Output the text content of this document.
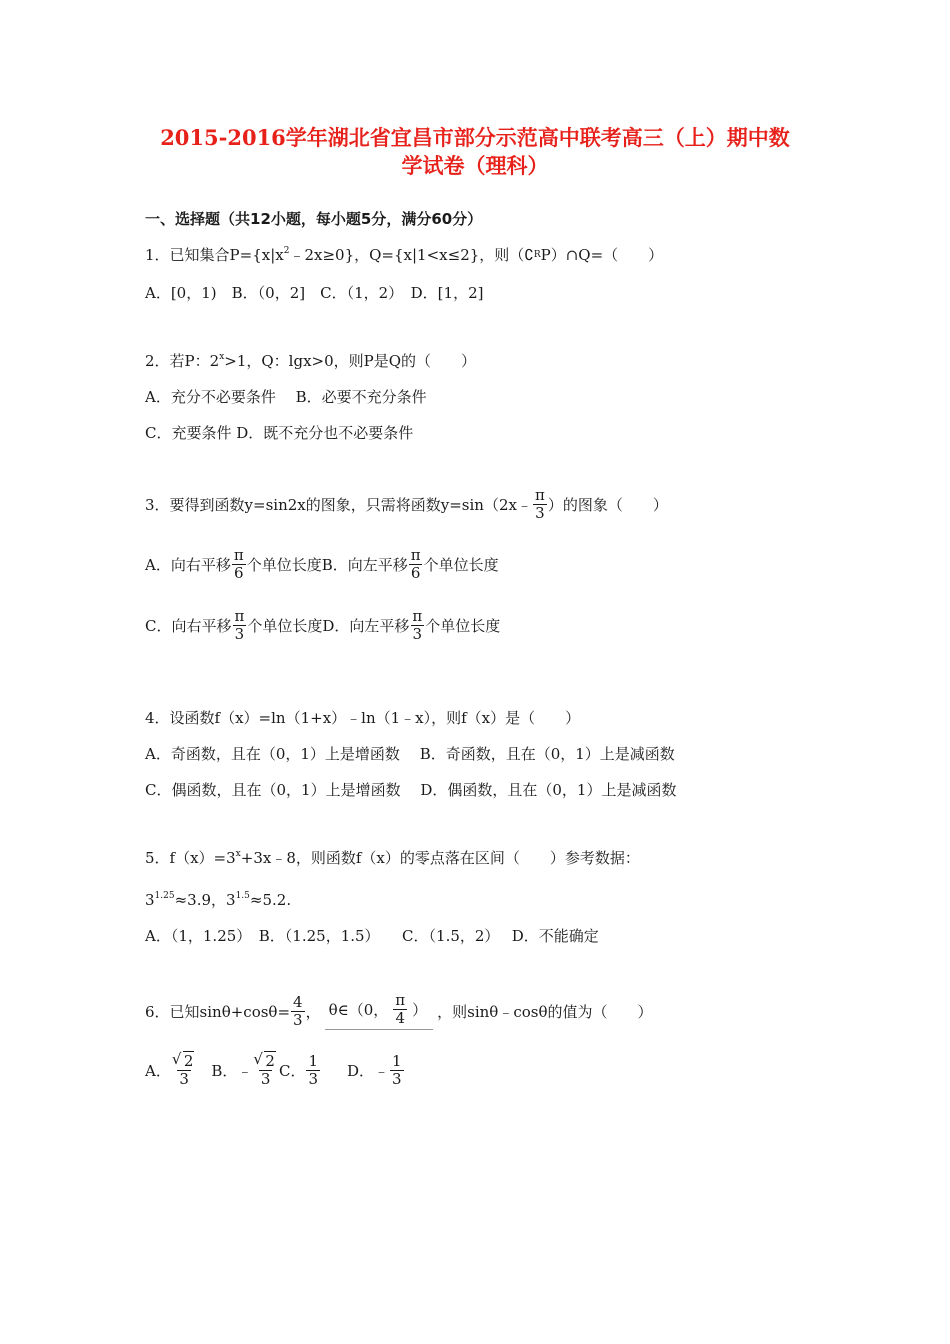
2015-2016学年湖北省宜昌市部分示范高中联考高三（上）期中数
学试卷（理科）
一、选择题（共12小题，每小题5分，满分60分）
1．已知集合$P=\{x|x^2$ ﹣2x≥0}，Q={x|1<x≤2}，则（ ∁ R P）∩Q=（　　）
A．[0，1)　B．（0，2]　C．（1，2）　D．[1，2]
2．若P：$2^x >1$，Q：lgx>0，则P是Q的（　　）
A．充分不必要条件　 B．必要不充分条件
C．充要条件 D．既不充分也不必要条件
3．要得到函数y=sin2x的图象，只需将函数y=sin（2x﹣ $\frac{\pi}{3}$ ）的图象（　　）
A．向右平移 $\frac{\pi}{6}$ 个单位长度B．向左平移 $\frac{\pi}{6}$ 个单位长度
C．向右平移 $\frac{\pi}{3}$ 个单位长度D．向左平移 $\frac{\pi}{3}$ 个单位长度
4．设函数f（x）=ln（1+x）﹣ln（1﹣x），则f（x）是（　　）
A．奇函数，且在（0，1）上是增函数　 B．奇函数，且在（0，1）上是减函数
C．偶函数，且在（0，1）上是增函数　 D．偶函数，且在（0，1）上是减函数
5．$f(x)=3^x$ +3x﹣8，则函数f（x）的零点落在区间（　　）参考数据：
$3^{1.25} \approx 3.9$，$3^{1.5} \approx 5.2$.
A．（1，1.25）　B．（1.25，1.5）　　C．（1.5，2）　 D．不能确定
6．已知$\sin\theta+\cos\theta= \frac{4}{3}$ ， θ∈（0， $\frac{\pi}{4}$ ） ，则sinθ﹣cosθ的值为（　　）
A． √ $\frac{2}{3}$ B．﹣ √ $\frac{2}{3}$ C． $\frac{1}{3}$ D．﹣ $\frac{1}{3}$
